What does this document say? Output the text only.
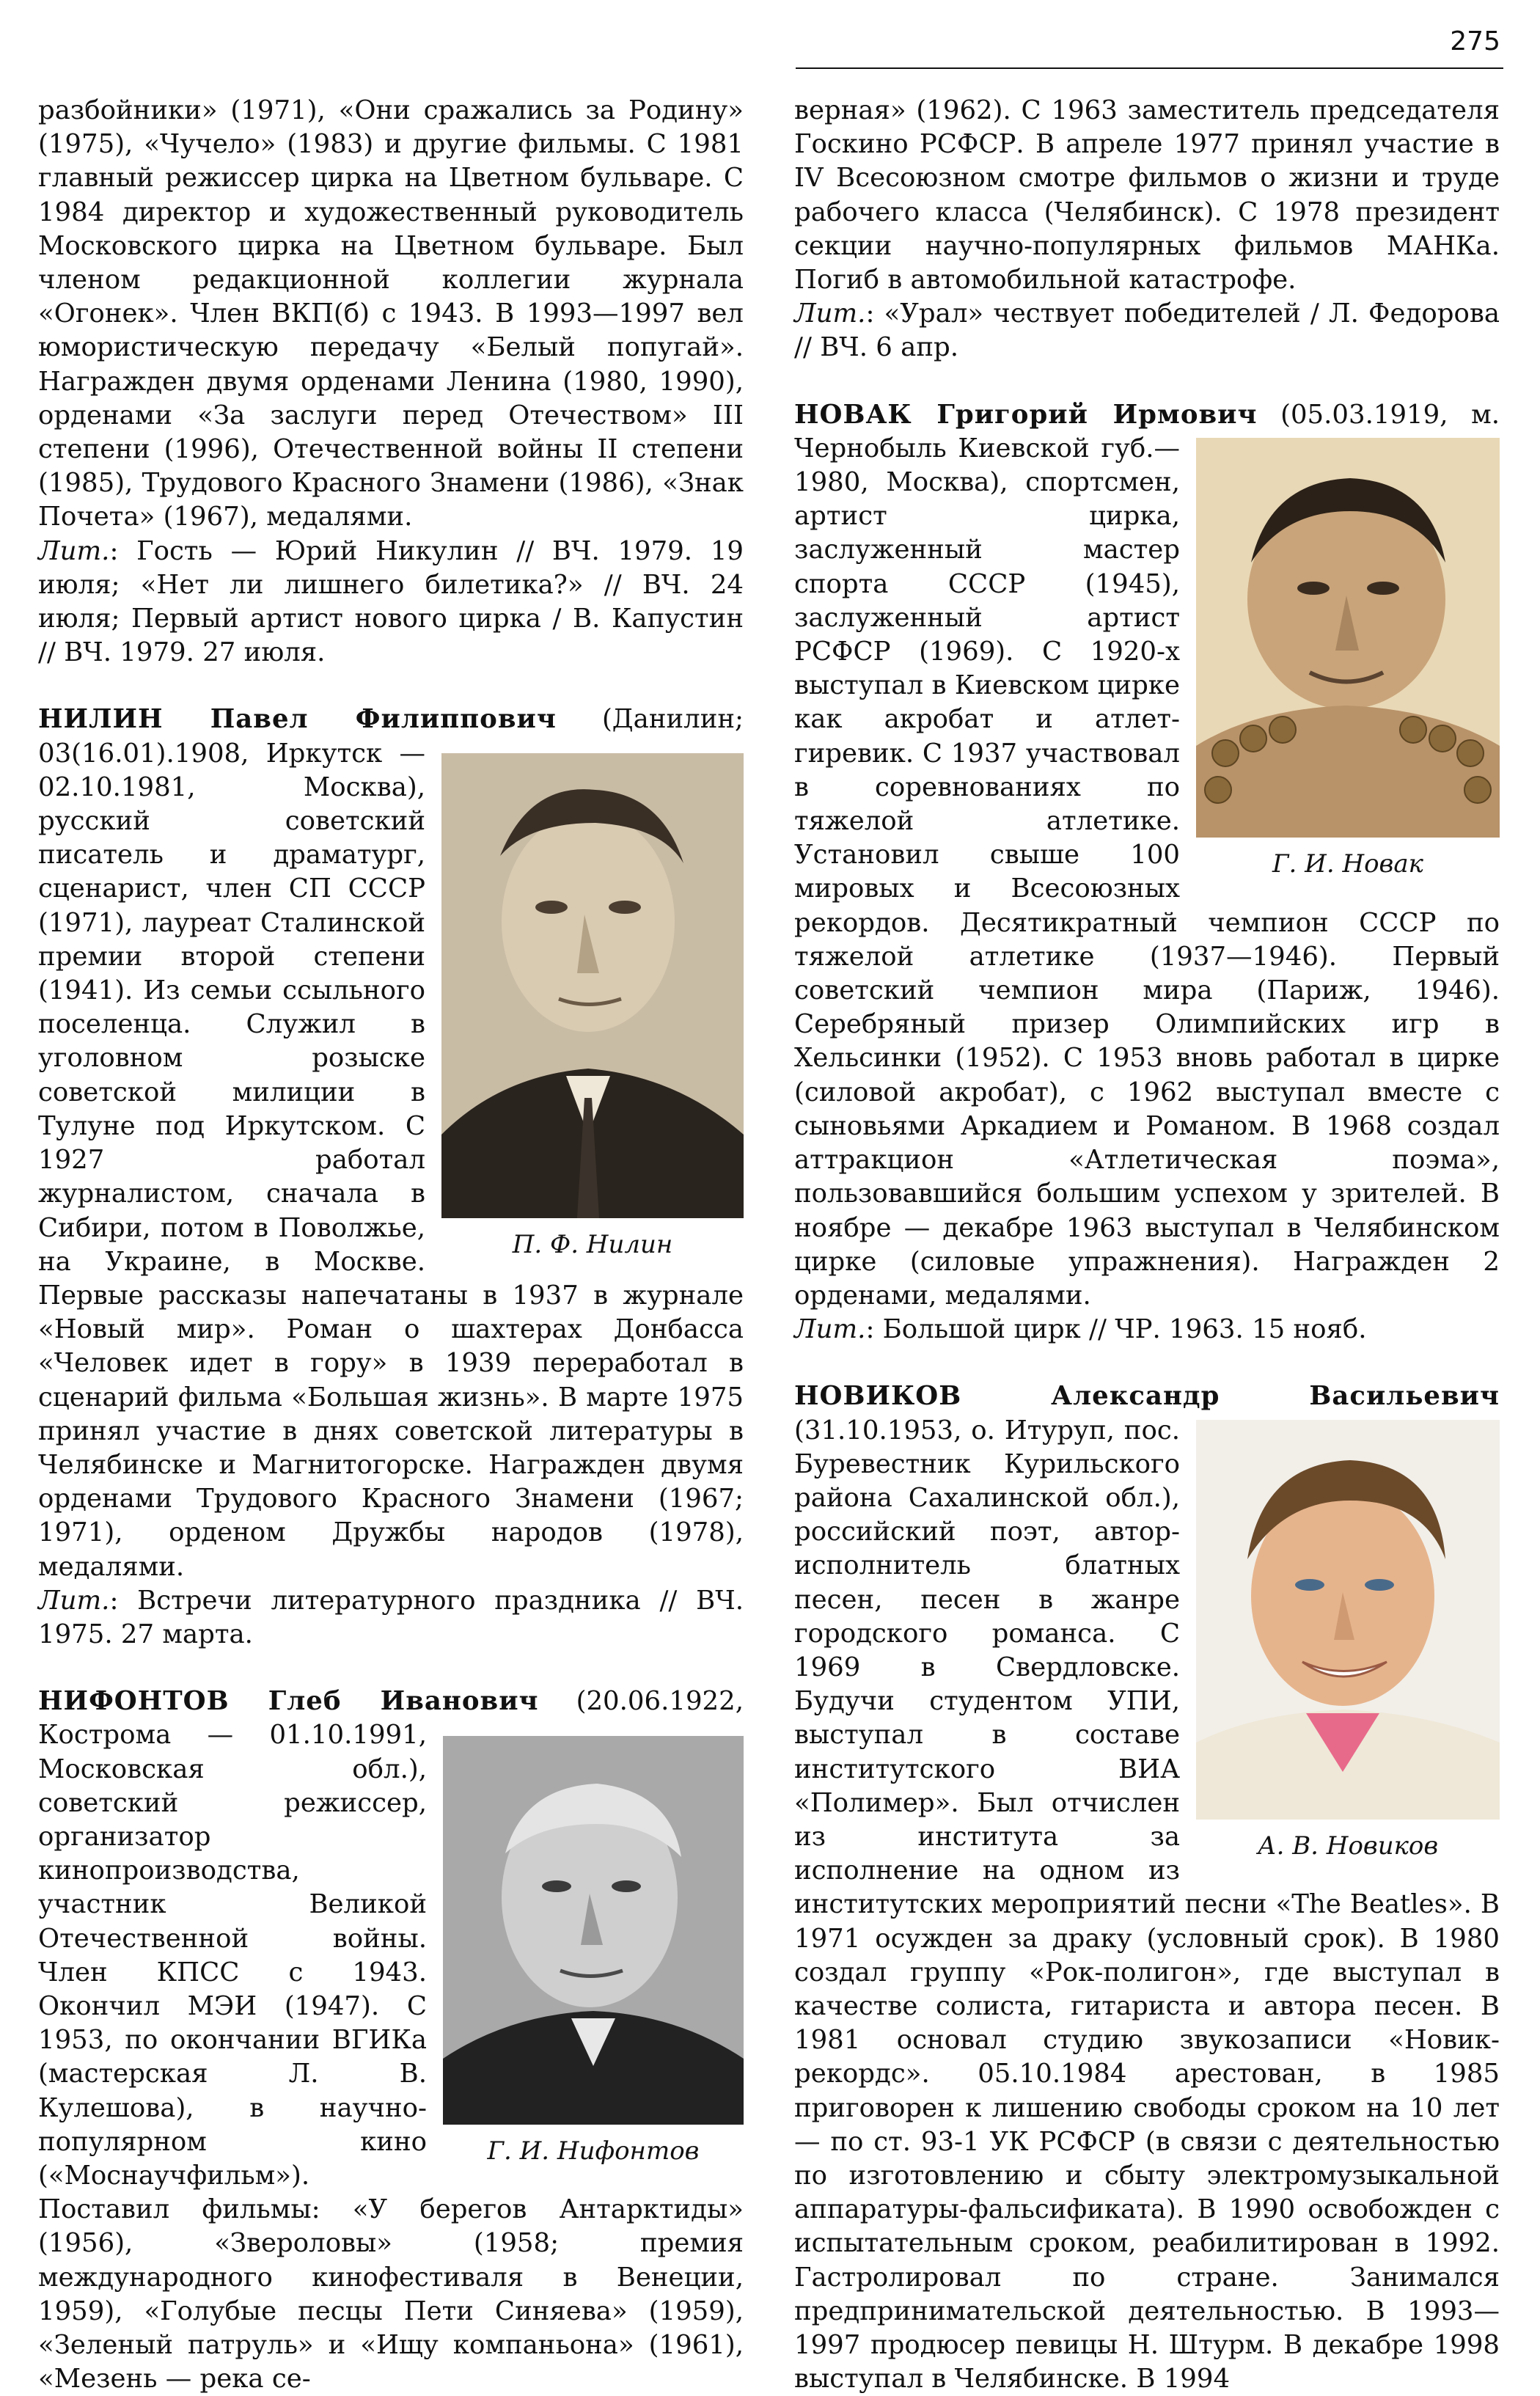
275

разбойники» (1971), «Они сражались за Родину» (1975), «Чучело» (1983) и другие фильмы. С 1981 главный режиссер цирка на Цветном бульваре. С 1984 директор и художественный руководитель Московского цирка на Цветном бульваре. Был членом редакционной коллегии журнала «Огонек». Член ВКП(б) с 1943. В 1993—1997 вел юмористическую передачу «Белый попугай». Награжден двумя орденами Ленина (1980, 1990), орденами «За заслуги перед Отечеством» III степени (1996), Отечественной войны II степени (1985), Трудового Красного Знамени (1986), «Знак Почета» (1967), медалями.

Лит.: Гость — Юрий Никулин // ВЧ. 1979. 19 июля; «Нет ли лишнего билетика?» // ВЧ. 24 июля; Первый артист нового цирка / В. Капустин // ВЧ. 1979. 27 июля.

НИЛИН Павел Филиппович
П. Ф. Нилин
(Данилин; 03(16.01).1908, Иркутск — 02.10.1981, Москва), русский советский писатель и драматург, сценарист, член СП СССР (1971), лауреат Сталинской премии второй степени (1941). Из семьи ссыльного поселенца. Служил в уголовном розыске советской милиции в Тулуне под Иркутском. С 1927 работал журналистом, сначала в Сибири, потом в Поволжье, на Украине, в Москве. Первые рассказы напечатаны в 1937 в журнале «Новый мир». Роман о шахтерах Донбасса «Человек идет в гору» в 1939 переработал в сценарий фильма «Большая жизнь». В марте 1975 принял участие в днях советской литературы в Челябинске и Магнитогорске. Награжден двумя орденами Трудового Красного Знамени (1967; 1971), орденом Дружбы народов (1978), медалями.

Лит.: Встречи литературного праздника // ВЧ. 1975. 27 марта.

НИФОНТОВ Глеб Иванович
Г. И. Нифонтов
(20.06.1922, Кострома — 01.10.1991, Московская обл.), советский режиссер, организатор кинопроизводства, участник Великой Отечественной войны. Член КПСС с 1943. Окончил МЭИ (1947). С 1953, по окончании ВГИКа (мастерская Л. В. Кулешова), в научно-популярном кино («Моснаучфильм»). Поставил фильмы: «У берегов Антарктиды» (1956), «Звероловы» (1958; премия международного кинофестиваля в Венеции, 1959), «Голубые песцы Пети Синяева» (1959), «Зеленый патруль» и «Ищу компаньона» (1961), «Мезень — река се-

верная» (1962). С 1963 заместитель председателя Госкино РСФСР. В апреле 1977 принял участие в IV Всесоюзном смотре фильмов о жизни и труде рабочего класса (Челябинск). С 1978 президент секции научно-популярных фильмов МАНКа. Погиб в автомобильной катастрофе.

Лит.: «Урал» чествует победителей / Л. Федорова // ВЧ. 6 апр.

НОВАК Григорий Ирмович
Г. И. Новак
(05.03.1919, м. Чернобыль Киевской губ.— 1980, Москва), спортсмен, артист цирка, заслуженный мастер спорта СССР (1945), заслуженный артист РСФСР (1969). С 1920-х выступал в Киевском цирке как акробат и атлет-гиревик. С 1937 участвовал в соревнованиях по тяжелой атлетике. Установил свыше 100 мировых и Всесоюзных рекордов. Десятикратный чемпион СССР по тяжелой атлетике (1937—1946). Первый советский чемпион мира (Париж, 1946). Серебряный призер Олимпийских игр в Хельсинки (1952). С 1953 вновь работал в цирке (силовой акробат), с 1962 выступал вместе с сыновьями Аркадием и Романом. В 1968 создал аттракцион «Атлетическая поэма», пользовавшийся большим успехом у зрителей. В ноябре — декабре 1963 выступал в Челябинском цирке (силовые упражнения). Награжден 2 орденами, медалями.

Лит.: Большой цирк // ЧР. 1963. 15 нояб.

НОВИКОВ Александр Васильевич
А. В. Новиков
(31.10.1953, о. Итуруп, пос. Буревестник Курильского района Сахалинской обл.), российский поэт, автор-исполнитель блатных песен, песен в жанре городского романса. С 1969 в Свердловске. Будучи студентом УПИ, выступал в составе институтского ВИА «Полимер». Был отчислен из института за исполнение на одном из институтских мероприятий песни «The Beatles». В 1971 осужден за драку (условный срок). В 1980 создал группу «Рок-полигон», где выступал в качестве солиста, гитариста и автора песен. В 1981 основал студию звукозаписи «Новик-рекордс». 05.10.1984 арестован, в 1985 приговорен к лишению свободы сроком на 10 лет — по ст. 93-1 УК РСФСР (в связи с деятельностью по изготовлению и сбыту электромузыкальной аппаратуры-фальсификата). В 1990 освобожден с испытательным сроком, реабилитирован в 1992. Гастролировал по стране. Занимался предпринимательской деятельностью. В 1993—1997 продюсер певицы Н. Штурм. В декабре 1998 выступал в Челябинске. В 1994
